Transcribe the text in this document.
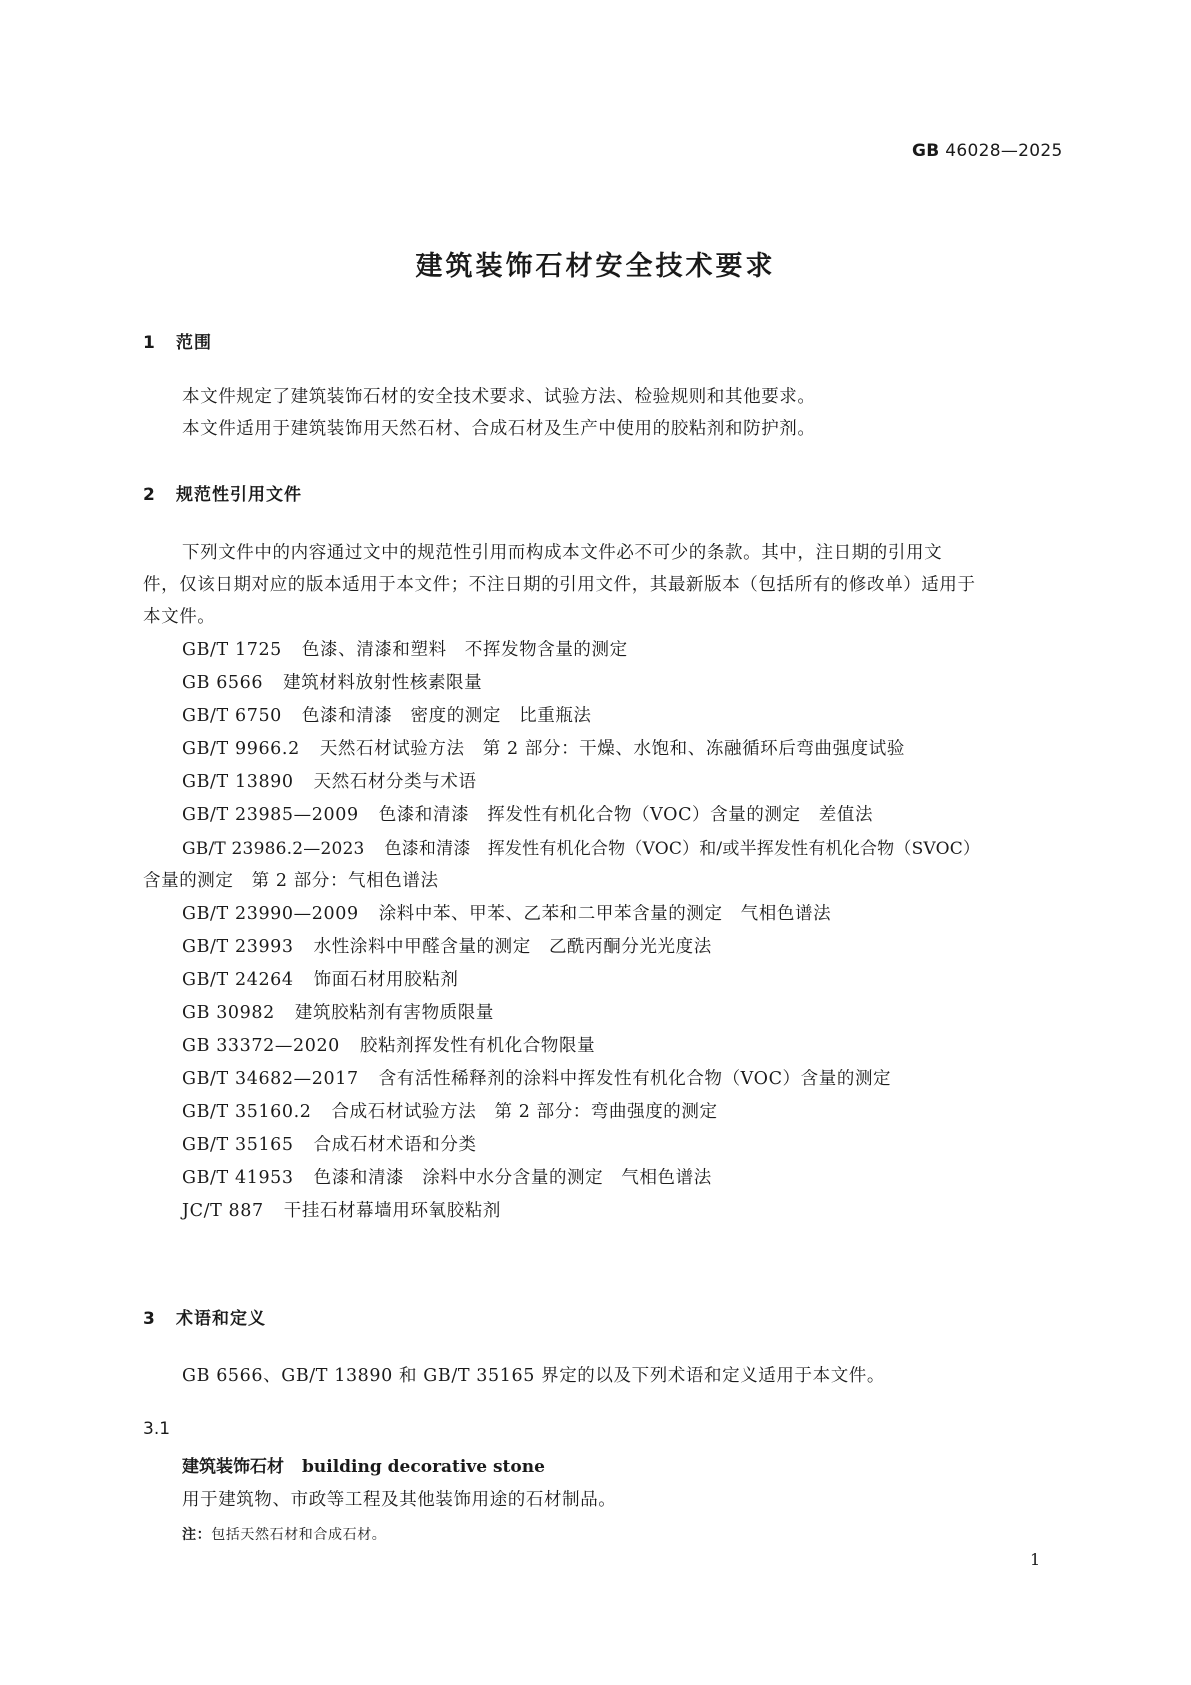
GB 46028—2025
建筑装饰石材安全技术要求
1 范围
本文件规定了建筑装饰石材的安全技术要求、试验方法、检验规则和其他要求。
本文件适用于建筑装饰用天然石材、合成石材及生产中使用的胶粘剂和防护剂。
2 规范性引用文件
下列文件中的内容通过文中的规范性引用而构成本文件必不可少的条款。其中，注日期的引用文
件，仅该日期对应的版本适用于本文件；不注日期的引用文件，其最新版本（包括所有的修改单）适用于
本文件。
GB/T 1725 色漆、清漆和塑料　不挥发物含量的测定
GB 6566 建筑材料放射性核素限量
GB/T 6750 色漆和清漆　密度的测定　比重瓶法
GB/T 9966.2 天然石材试验方法　第 2 部分：干燥、水饱和、冻融循环后弯曲强度试验
GB/T 13890 天然石材分类与术语
GB/T 23985—2009 色漆和清漆　挥发性有机化合物（VOC）含量的测定　差值法
GB/T 23986.2—2023 色漆和清漆　挥发性有机化合物（VOC）和/或半挥发性有机化合物（SVOC）
含量的测定　第 2 部分：气相色谱法
GB/T 23990—2009 涂料中苯、甲苯、乙苯和二甲苯含量的测定　气相色谱法
GB/T 23993 水性涂料中甲醛含量的测定　乙酰丙酮分光光度法
GB/T 24264 饰面石材用胶粘剂
GB 30982 建筑胶粘剂有害物质限量
GB 33372—2020 胶粘剂挥发性有机化合物限量
GB/T 34682—2017 含有活性稀释剂的涂料中挥发性有机化合物（VOC）含量的测定
GB/T 35160.2 合成石材试验方法　第 2 部分：弯曲强度的测定
GB/T 35165 合成石材术语和分类
GB/T 41953 色漆和清漆　涂料中水分含量的测定　气相色谱法
JC/T 887 干挂石材幕墙用环氧胶粘剂
3 术语和定义
GB 6566、GB/T 13890 和 GB/T 35165 界定的以及下列术语和定义适用于本文件。
3.1
建筑装饰石材 building decorative stone
用于建筑物、市政等工程及其他装饰用途的石材制品。
注：包括天然石材和合成石材。
1
